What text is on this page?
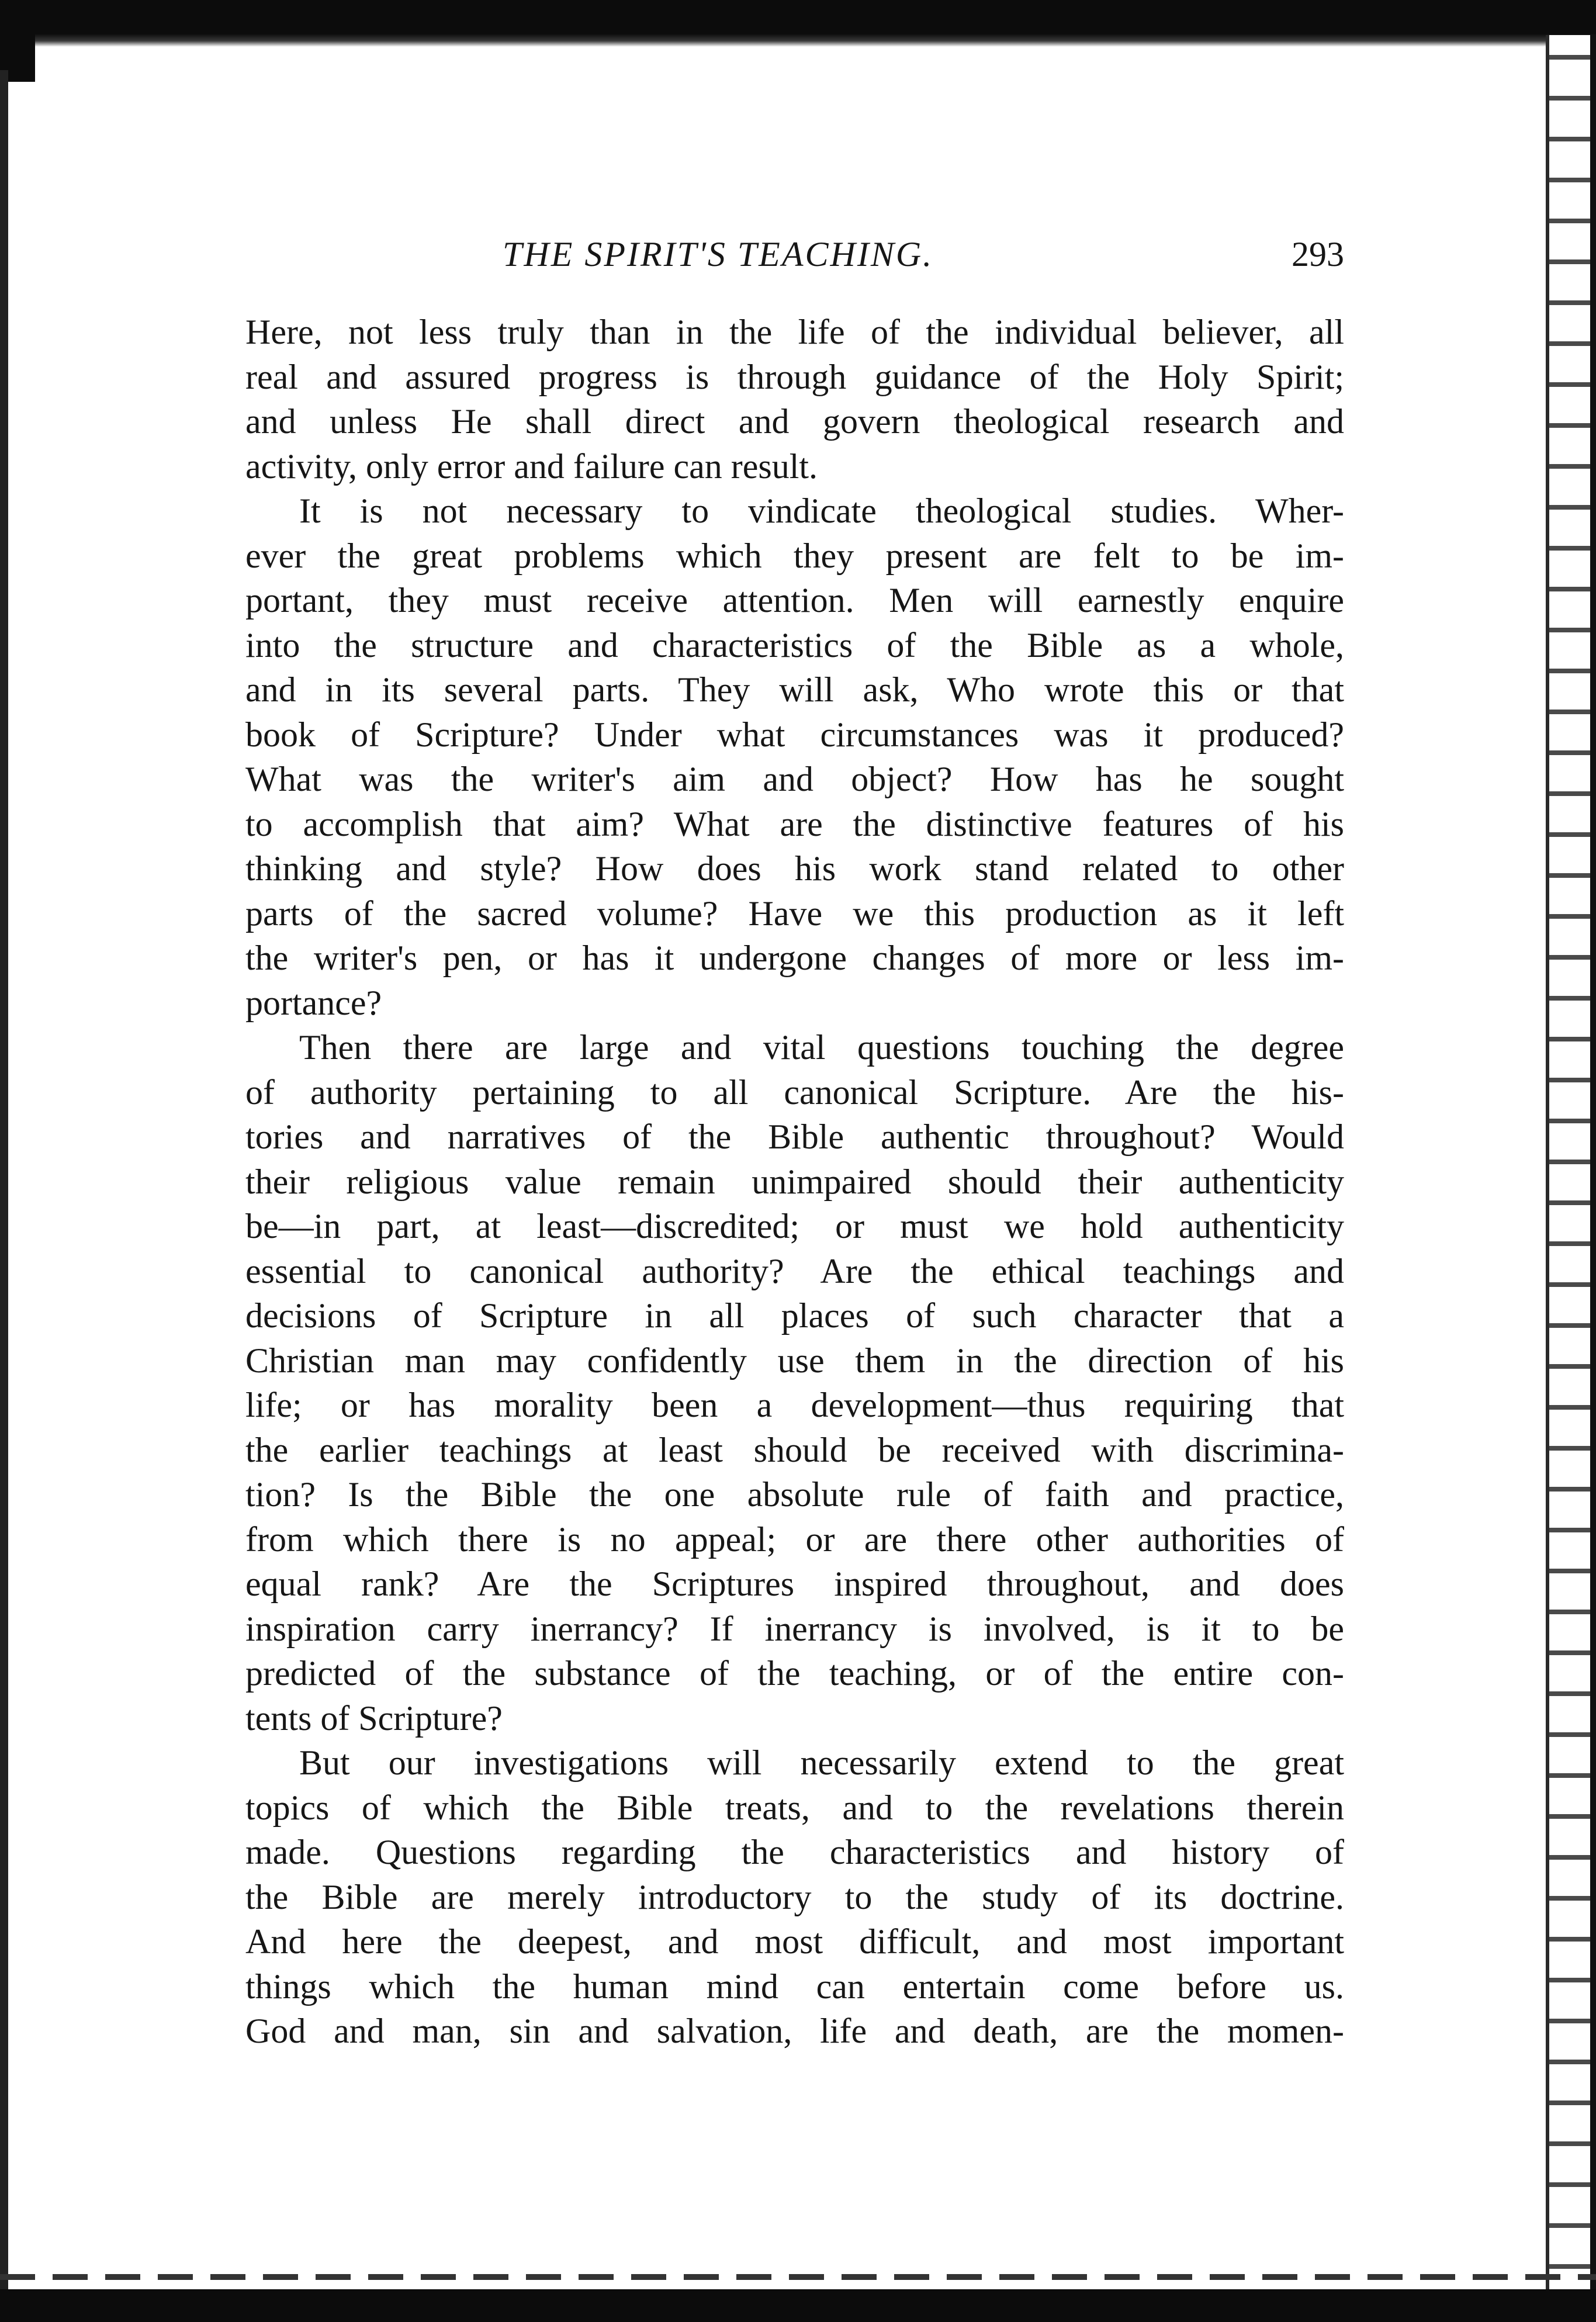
THE SPIRIT'S TEACHING.	293
Here, not less truly than in the life of the individual believer, all
real and assured progress is through guidance of the Holy Spirit;
and unless He shall direct and govern theological research and
activity, only error and failure can result.
It is not necessary to vindicate theological studies. Wher-
ever the great problems which they present are felt to be im-
portant, they must receive attention. Men will earnestly enquire
into the structure and characteristics of the Bible as a whole,
and in its several parts. They will ask, Who wrote this or that
book of Scripture? Under what circumstances was it produced?
What was the writer's aim and object? How has he sought
to accomplish that aim? What are the distinctive features of his
thinking and style? How does his work stand related to other
parts of the sacred volume? Have we this production as it left
the writer's pen, or has it undergone changes of more or less im-
portance?
Then there are large and vital questions touching the degree
of authority pertaining to all canonical Scripture. Are the his-
tories and narratives of the Bible authentic throughout? Would
their religious value remain unimpaired should their authenticity
be—in part, at least—discredited; or must we hold authenticity
essential to canonical authority? Are the ethical teachings and
decisions of Scripture in all places of such character that a
Christian man may confidently use them in the direction of his
life; or has morality been a development—thus requiring that
the earlier teachings at least should be received with discrimina-
tion? Is the Bible the one absolute rule of faith and practice,
from which there is no appeal; or are there other authorities of
equal rank? Are the Scriptures inspired throughout, and does
inspiration carry inerrancy? If inerrancy is involved, is it to be
predicted of the substance of the teaching, or of the entire con-
tents of Scripture?
But our investigations will necessarily extend to the great
topics of which the Bible treats, and to the revelations therein
made. Questions regarding the characteristics and history of
the Bible are merely introductory to the study of its doctrine.
And here the deepest, and most difficult, and most important
things which the human mind can entertain come before us.
God and man, sin and salvation, life and death, are the momen-
